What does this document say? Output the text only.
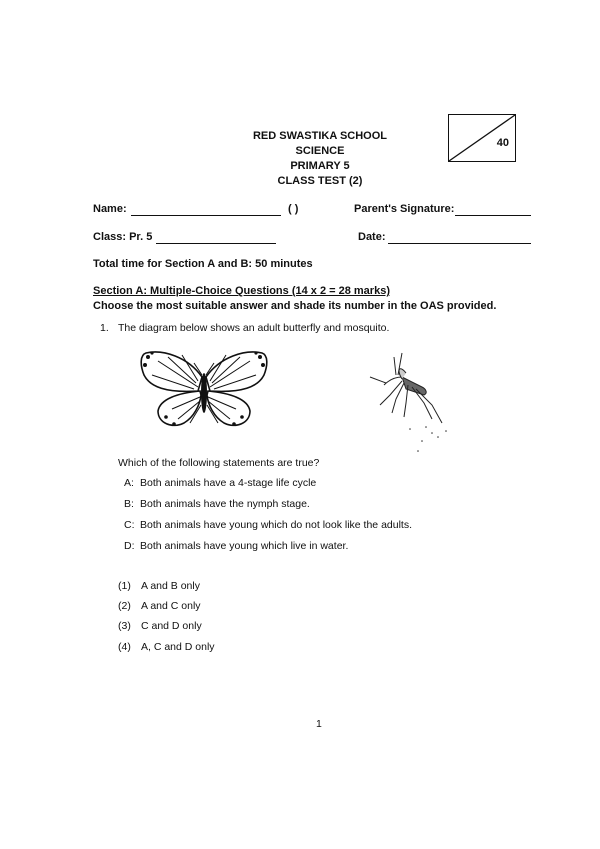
RED SWASTIKA SCHOOL
SCIENCE
PRIMARY 5
CLASS TEST (2)
40
Name:	( )	Parent's Signature:
Class: Pr. 5	Date:
Total time for Section A and B: 50 minutes
Section A: Multiple-Choice Questions (14 x 2 = 28 marks)
Choose the most suitable answer and shade its number in the OAS provided.
1. The diagram below shows an adult butterfly and mosquito.
Which of the following statements are true?
A: Both animals have a 4-stage life cycle
B: Both animals have the nymph stage.
C: Both animals have young which do not look like the adults.
D: Both animals have young which live in water.
(1) A and B only
(2) A and C only
(3) C and D only
(4) A, C and D only
1
